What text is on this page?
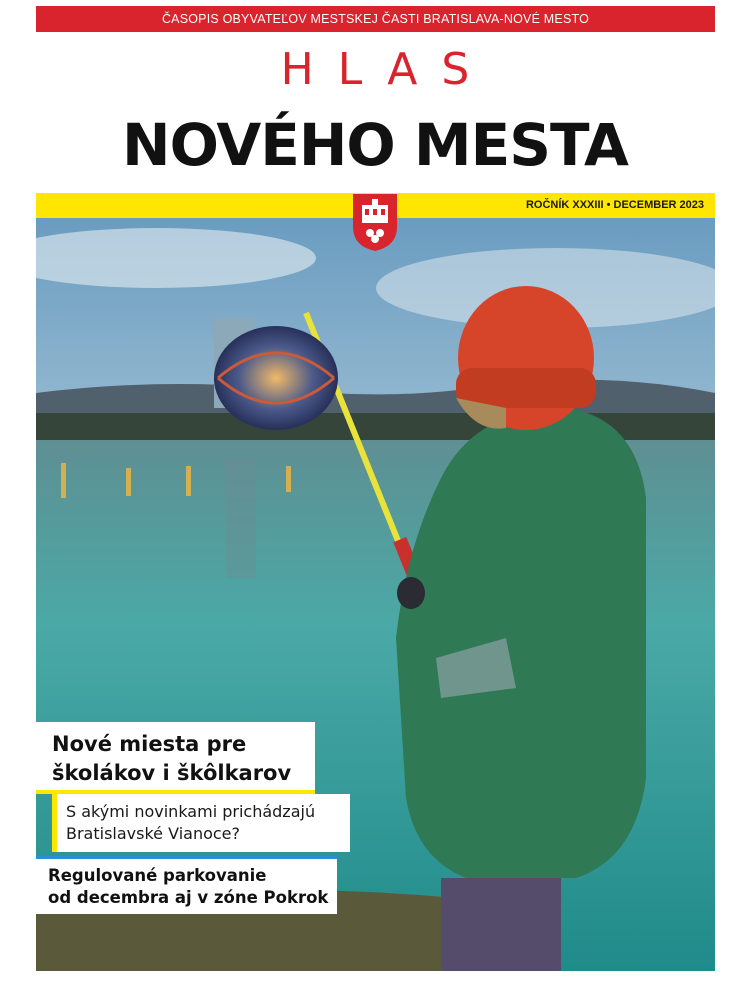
ČASOPIS OBYVATEĽOV MESTSKEJ ČASTI BRATISLAVA-NOVÉ MESTO
HLAS
NOVÉHO MESTA
ROČNÍK XXXIII • DECEMBER 2023
Nové miesta pre
školákov i škôlkarov
S akými novinkami prichádzajú
Bratislavské Vianoce?
Regulované parkovanie
od decembra aj v zóne Pokrok
